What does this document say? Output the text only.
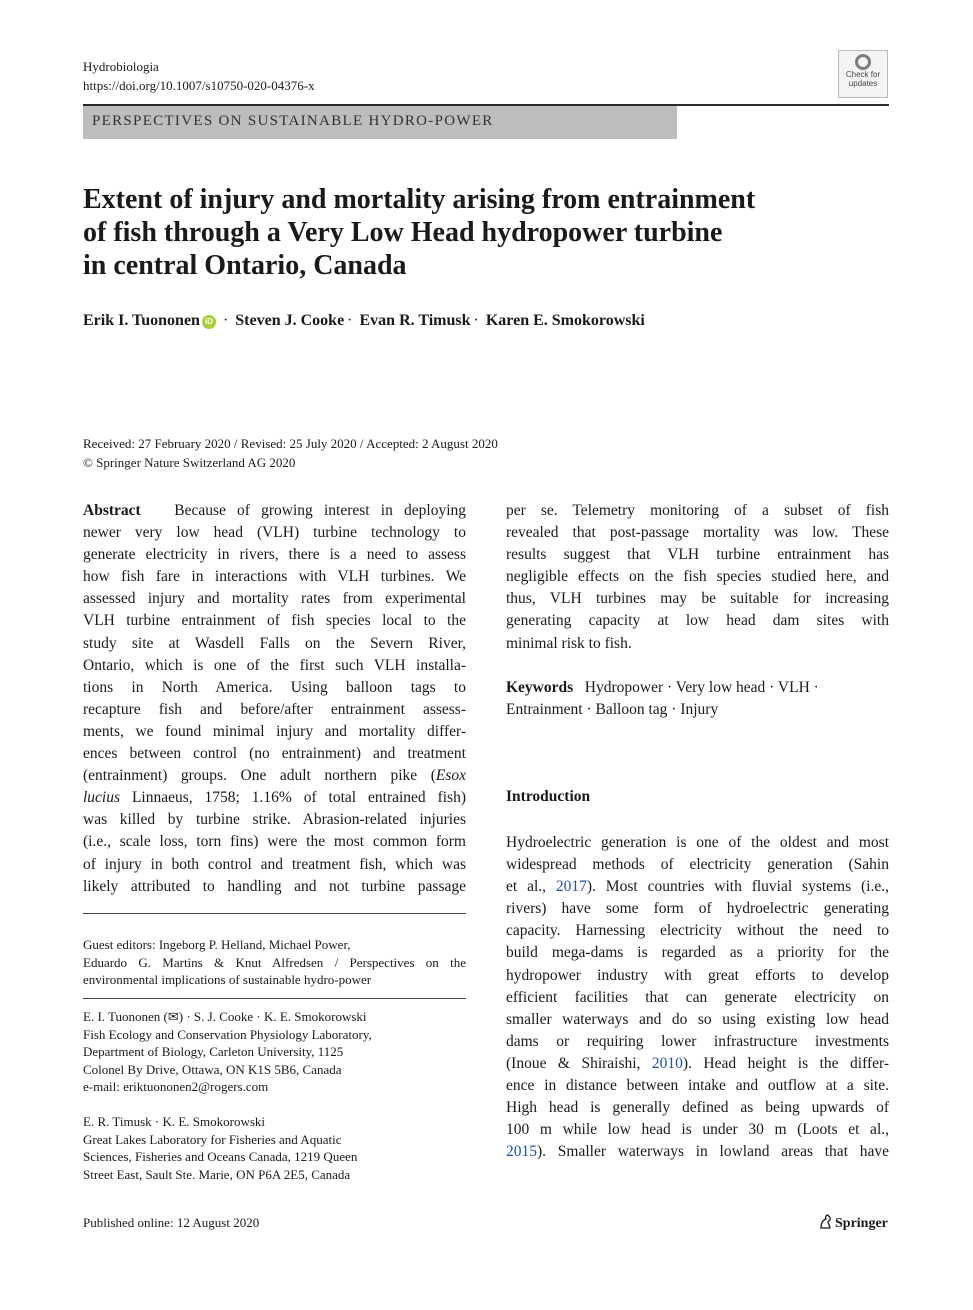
Hydrobiologia
https://doi.org/10.1007/s10750-020-04376-x
Check for
updates
PERSPECTIVES ON SUSTAINABLE HYDRO-POWER
Extent of injury and mortality arising from entrainment
of fish through a Very Low Head hydropower turbine
in central Ontario, Canada
Erik I. Tuononen iD · Steven J. Cooke · Evan R. Timusk · Karen E. Smokorowski
Received: 27 February 2020 / Revised: 25 July 2020 / Accepted: 2 August 2020
© Springer Nature Switzerland AG 2020

Abstract Because of growing interest in deploying

newer very low head (VLH) turbine technology to

generate electricity in rivers, there is a need to assess

how fish fare in interactions with VLH turbines. We

assessed injury and mortality rates from experimental

VLH turbine entrainment of fish species local to the

study site at Wasdell Falls on the Severn River,

Ontario, which is one of the first such VLH installa-

tions in North America. Using balloon tags to

recapture fish and before/after entrainment assess-

ments, we found minimal injury and mortality differ-

ences between control (no entrainment) and treatment

(entrainment) groups. One adult northern pike (Esox

lucius Linnaeus, 1758; 1.16% of total entrained fish)

was killed by turbine strike. Abrasion-related injuries

(i.e., scale loss, torn fins) were the most common form

of injury in both control and treatment fish, which was

likely attributed to handling and not turbine passage

Guest editors: Ingeborg P. Helland, Michael Power,
Eduardo G. Martins & Knut Alfredsen / Perspectives on the
environmental implications of sustainable hydro-power
E. I. Tuononen (✉) · S. J. Cooke · K. E. Smokorowski
Fish Ecology and Conservation Physiology Laboratory,
Department of Biology, Carleton University, 1125
Colonel By Drive, Ottawa, ON K1S 5B6, Canada
e-mail: eriktuononen2@rogers.com
E. R. Timusk · K. E. Smokorowski
Great Lakes Laboratory for Fisheries and Aquatic
Sciences, Fisheries and Oceans Canada, 1219 Queen
Street East, Sault Ste. Marie, ON P6A 2E5, Canada

per se. Telemetry monitoring of a subset of fish

revealed that post-passage mortality was low. These

results suggest that VLH turbine entrainment has

negligible effects on the fish species studied here, and

thus, VLH turbines may be suitable for increasing

generating capacity at low head dam sites with

minimal risk to fish.

Keywords Hydropower · Very low head · VLH ·
Entrainment · Balloon tag · Injury
Introduction

Hydroelectric generation is one of the oldest and most

widespread methods of electricity generation (Sahin

et al., 2017). Most countries with fluvial systems (i.e.,

rivers) have some form of hydroelectric generating

capacity. Harnessing electricity without the need to

build mega-dams is regarded as a priority for the

hydropower industry with great efforts to develop

efficient facilities that can generate electricity on

smaller waterways and do so using existing low head

dams or requiring lower infrastructure investments

(Inoue & Shiraishi, 2010). Head height is the differ-

ence in distance between intake and outflow at a site.

High head is generally defined as being upwards of

100 m while low head is under 30 m (Loots et al.,

2015). Smaller waterways in lowland areas that have

Published online: 12 August 2020	Springer
